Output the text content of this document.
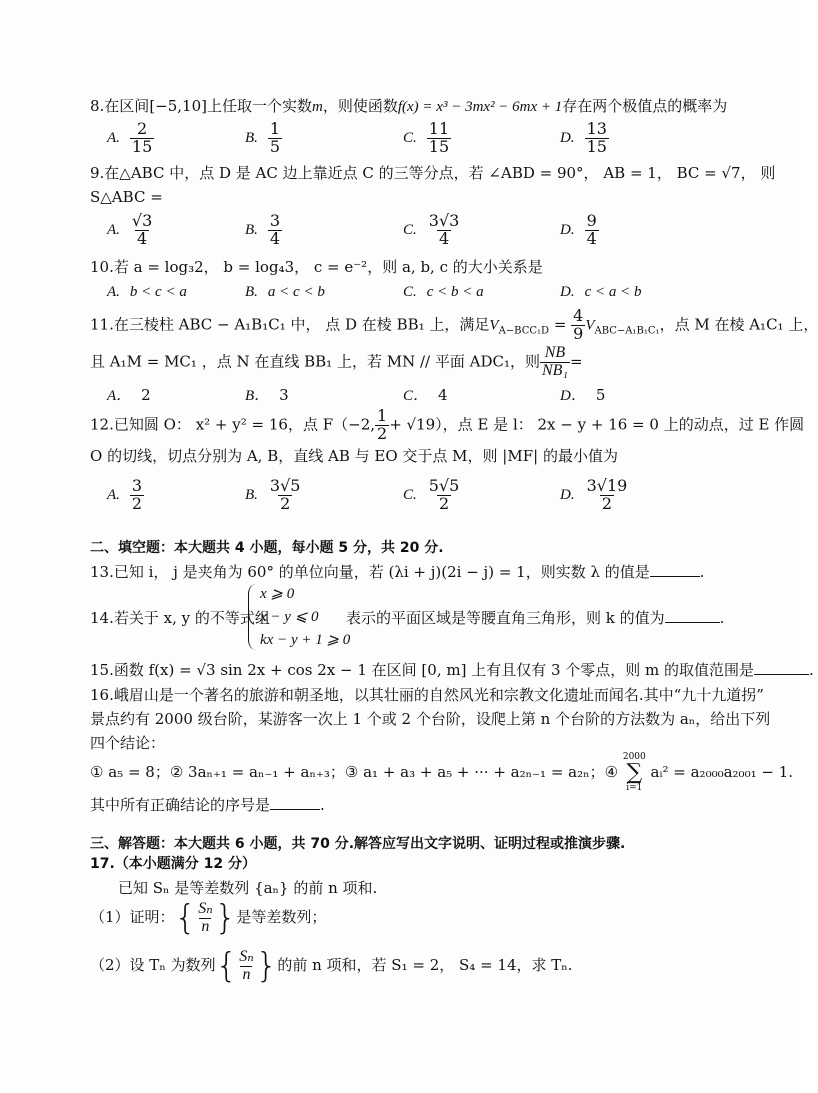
8.在区间[−5,10]上任取一个实数m，则使函数f(x) = x³ − 3mx² − 6mx + 1存在两个极值点的概率为
A. $\frac{2}{15}$	B. $\frac{1}{5}$	C. $\frac{11}{15}$	D. $\frac{13}{15}$
9.在△ABC 中，点 D 是 AC 边上靠近点 C 的三等分点，若 ∠ABD = 90°， AB = 1， BC = √7， 则
S△ABC =
A. $\frac{√3}{4}$	B. $\frac{3}{4}$	C. $\frac{3√3}{4}$	D. $\frac{9}{4}$
10.若 a = log₃2， b = log₄3， c = e⁻²，则 a, b, c 的大小关系是
A. b < c < a	B. a < c < b	C. c < b < a	D. c < a < b
11.在三棱柱 ABC − A₁B₁C₁ 中， 点 D 在棱 BB₁ 上，满足$V_{A-BCC_1D} = \frac{4}{9} V_{ABC-A_1B_1C_1}$，点 M 在棱 A₁C₁ 上，
且 A₁M = MC₁ ，点 N 在直线 BB₁ 上，若 MN // 平面 ADC₁，则 $\frac{NB}{\text{NB₁}}$ =
A． 2	B． 3	C． 4	D． 5
12.已知圆 O： x² + y² = 16，点 F（−2, $\frac{1}{2} + √19$），点 E 是 l： 2x − y + 16 = 0 上的动点，过 E 作圆
O 的切线，切点分别为 A, B，直线 AB 与 EO 交于点 M，则 |MF| 的最小值为
A. $\frac{3}{2}$	B. $\frac{3√5}{2}$	C. $\frac{5√5}{2}$	D. $\frac{3√19}{2}$
二、填空题：本大题共 4 小题，每小题 5 分，共 20 分.
13.已知 i， j 是夹角为 60° 的单位向量，若 (λi + j)(2i − j) = 1，则实数 λ 的值是	.
14.若关于 x, y 的不等式组
x ⩾ 0
x − y ⩽ 0
kx − y + 1 ⩾ 0
表示的平面区域是等腰直角三角形，则 k 的值为	.
15.函数 f(x) = √3 sin 2x + cos 2x − 1 在区间 [0, m] 上有且仅有 3 个零点，则 m 的取值范围是	.
16.峨眉山是一个著名的旅游和朝圣地，以其壮丽的自然风光和宗教文化遗址而闻名.其中“九十九道拐”
景点约有 2000 级台阶，某游客一次上 1 个或 2 个台阶，设爬上第 n 个台阶的方法数为 aₙ，给出下列
四个结论：
① a₅ = 8；② 3aₙ₊₁ = aₙ₋₁ + aₙ₊₃；③ a₁ + a₃ + a₅ + ··· + a₂ₙ₋₁ = a₂ₙ；④
2000
∑
i=1
aᵢ² = a₂₀₀₀a₂₀₀₁ − 1.
其中所有正确结论的序号是	.
三、解答题：本大题共 6 小题，共 70 分.解答应写出文字说明、证明过程或推演步骤.
17.（本小题满分 12 分）
已知 Sₙ 是等差数列 {aₙ} 的前 n 项和.
（1）证明：{ $\frac{\text{Sₙ}}{n}$ }是等差数列；
（2）设 Tₙ 为数列{ $\frac{\text{Sₙ}}{n}$ }的前 n 项和，若 S₁ = 2， S₄ = 14，求 Tₙ.
